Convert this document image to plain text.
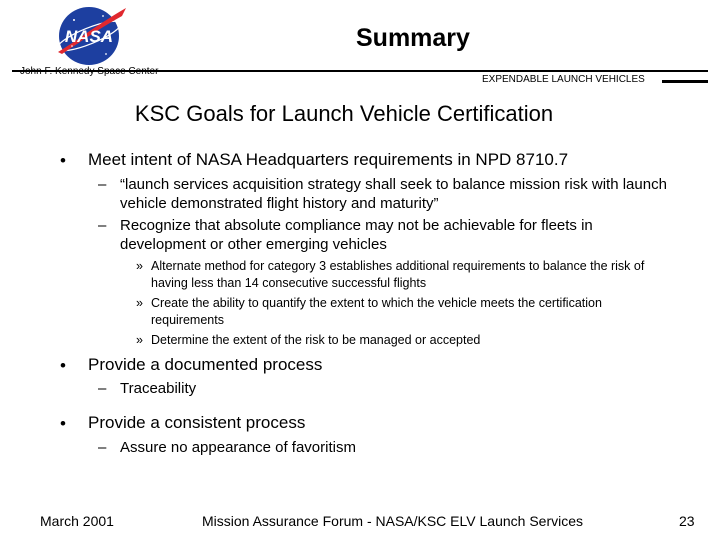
NASA	Summary
John F. Kennedy Space Center
EXPENDABLE LAUNCH VEHICLES
KSC Goals for Launch Vehicle Certification
• Meet intent of NASA Headquarters requirements in NPD 8710.7
– “launch services acquisition strategy shall seek to balance mission risk with launch vehicle demonstrated flight history and maturity”
– Recognize that absolute compliance may not be achievable for fleets in development or other emerging vehicles
» Alternate method for category 3 establishes additional requirements to balance the risk of having less than 14 consecutive successful flights
» Create the ability to quantify the extent to which the vehicle meets the certification requirements
» Determine the extent of the risk to be managed or accepted
• Provide a documented process
– Traceability
• Provide a consistent process
– Assure no appearance of favoritism
March 2001	Mission Assurance Forum - NASA/KSC ELV Launch Services	23
